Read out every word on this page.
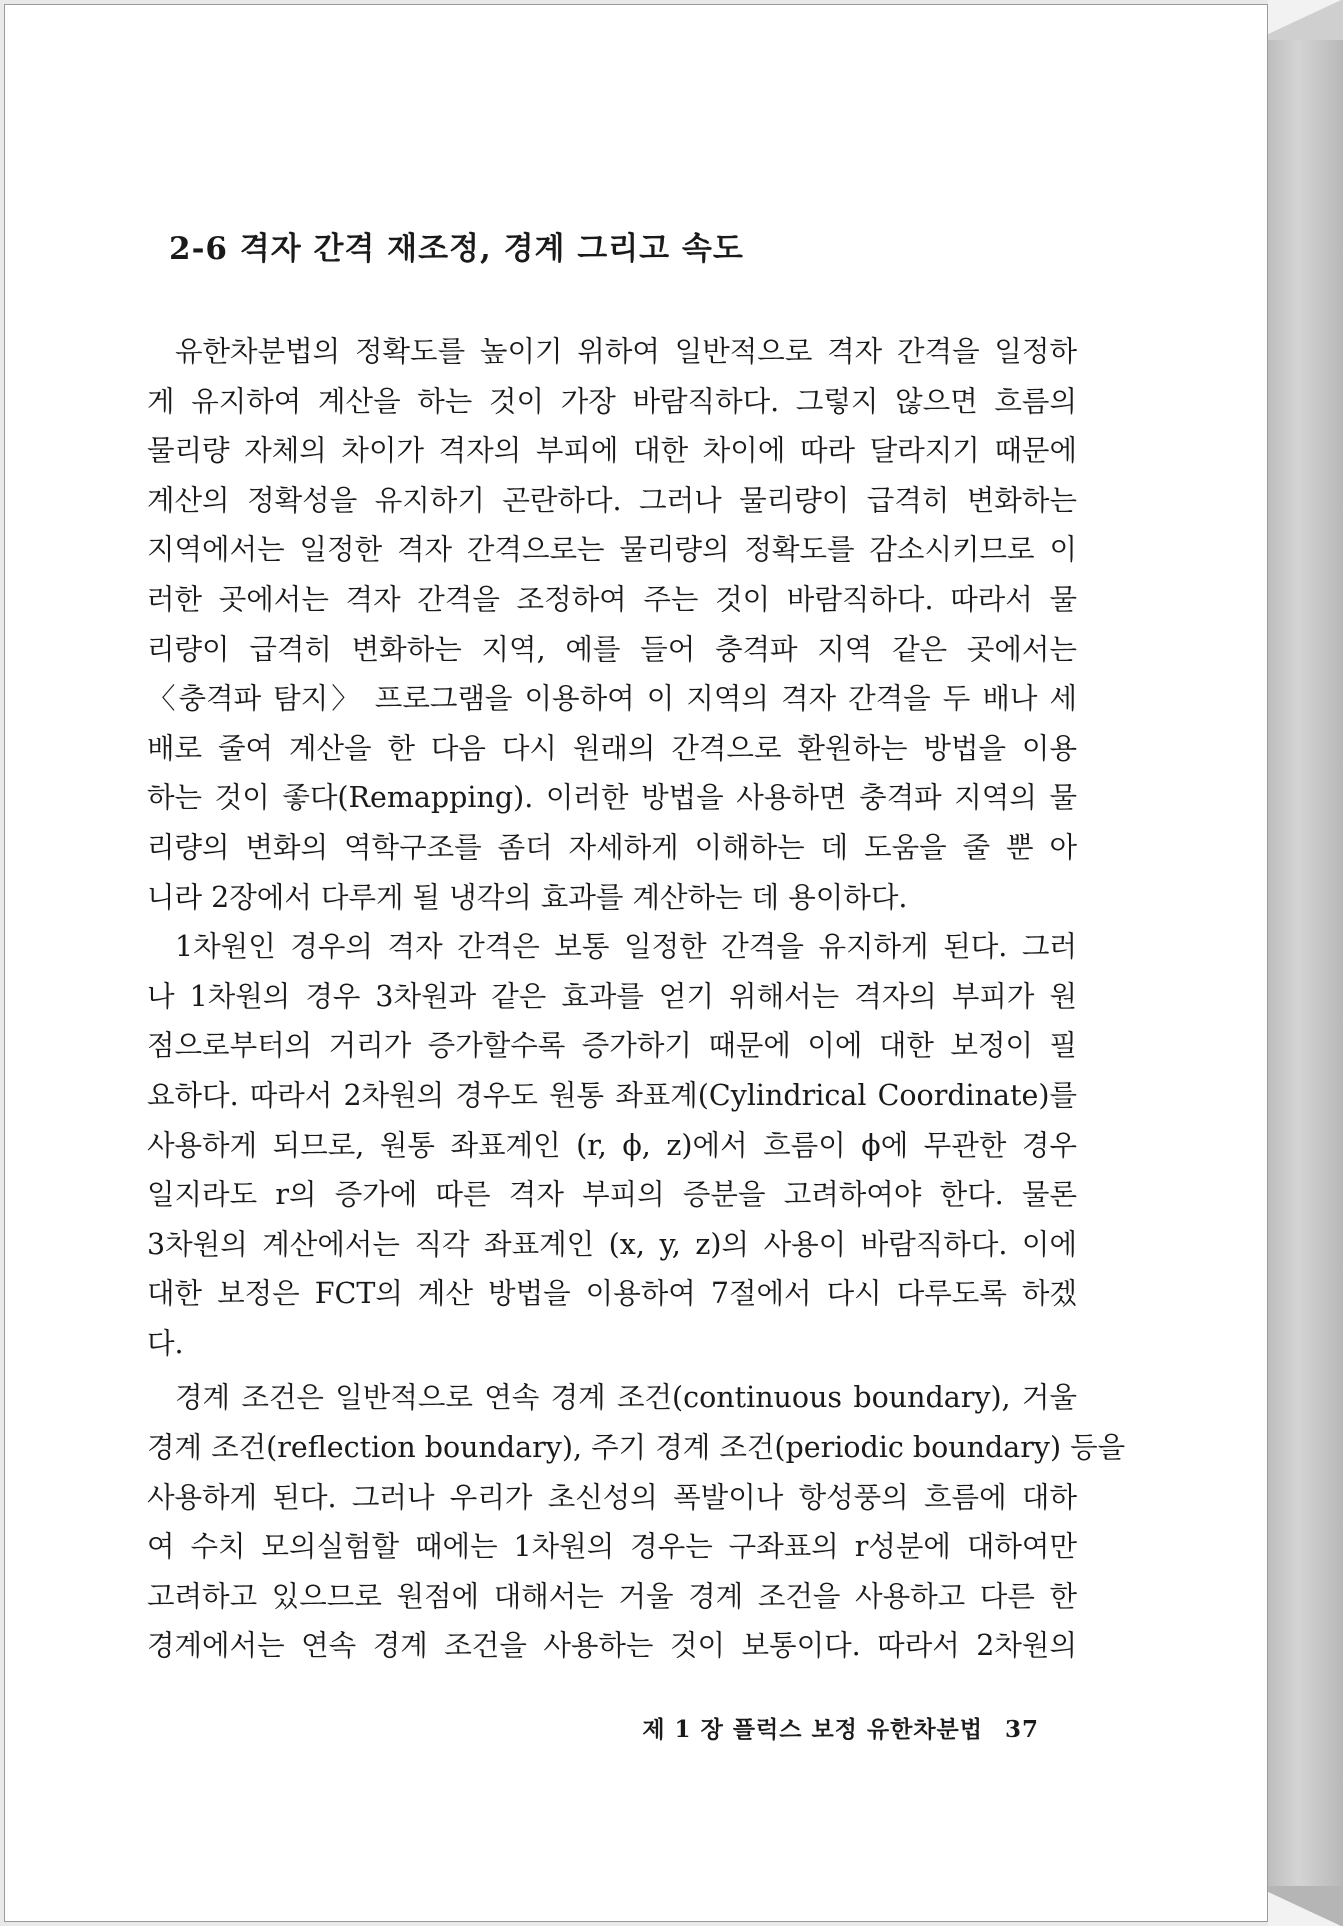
2-6 격자 간격 재조정, 경계 그리고 속도
유한차분법의 정확도를 높이기 위하여 일반적으로 격자 간격을 일정하
게 유지하여 계산을 하는 것이 가장 바람직하다. 그렇지 않으면 흐름의
물리량 자체의 차이가 격자의 부피에 대한 차이에 따라 달라지기 때문에
계산의 정확성을 유지하기 곤란하다. 그러나 물리량이 급격히 변화하는
지역에서는 일정한 격자 간격으로는 물리량의 정확도를 감소시키므로 이
러한 곳에서는 격자 간격을 조정하여 주는 것이 바람직하다. 따라서 물
리량이 급격히 변화하는 지역, 예를 들어 충격파 지역 같은 곳에서는
〈충격파 탐지〉 프로그램을 이용하여 이 지역의 격자 간격을 두 배나 세
배로 줄여 계산을 한 다음 다시 원래의 간격으로 환원하는 방법을 이용
하는 것이 좋다(Remapping). 이러한 방법을 사용하면 충격파 지역의 물
리량의 변화의 역학구조를 좀더 자세하게 이해하는 데 도움을 줄 뿐 아
니라 2장에서 다루게 될 냉각의 효과를 계산하는 데 용이하다.
1차원인 경우의 격자 간격은 보통 일정한 간격을 유지하게 된다. 그러
나 1차원의 경우 3차원과 같은 효과를 얻기 위해서는 격자의 부피가 원
점으로부터의 거리가 증가할수록 증가하기 때문에 이에 대한 보정이 필
요하다. 따라서 2차원의 경우도 원통 좌표계(Cylindrical Coordinate)를
사용하게 되므로, 원통 좌표계인 (r, ϕ, z)에서 흐름이 ϕ에 무관한 경우
일지라도 r의 증가에 따른 격자 부피의 증분을 고려하여야 한다. 물론
3차원의 계산에서는 직각 좌표계인 (x, y, z)의 사용이 바람직하다. 이에
대한 보정은 FCT의 계산 방법을 이용하여 7절에서 다시 다루도록 하겠
다.
경계 조건은 일반적으로 연속 경계 조건(continuous boundary), 거울
경계 조건(reflection boundary), 주기 경계 조건(periodic boundary) 등을
사용하게 된다. 그러나 우리가 초신성의 폭발이나 항성풍의 흐름에 대하
여 수치 모의실험할 때에는 1차원의 경우는 구좌표의 r성분에 대하여만
고려하고 있으므로 원점에 대해서는 거울 경계 조건을 사용하고 다른 한
경계에서는 연속 경계 조건을 사용하는 것이 보통이다. 따라서 2차원의
제 1 장 플럭스 보정 유한차분법 37
